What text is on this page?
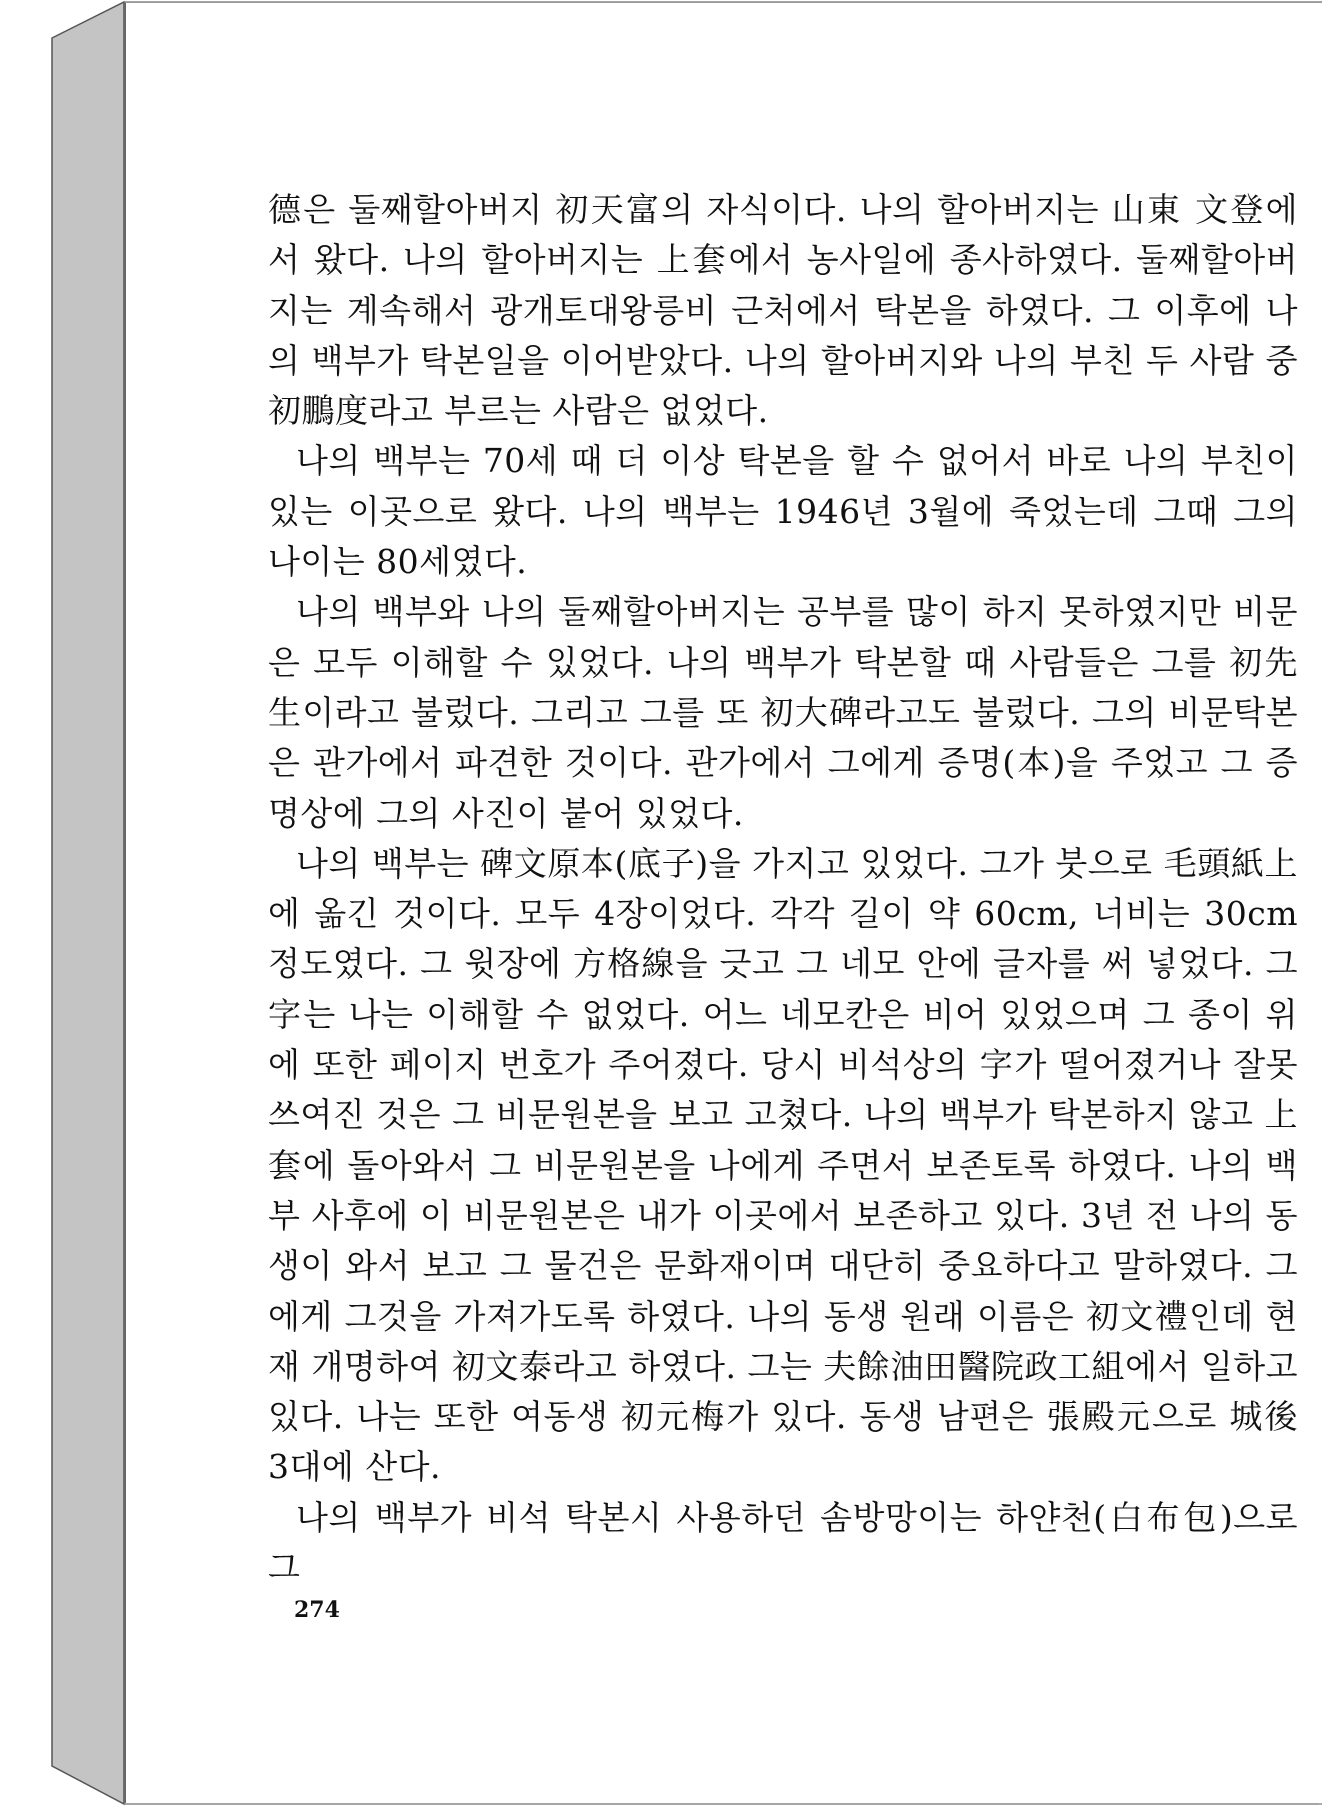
德은 둘째할아버지 初天富의 자식이다. 나의 할아버지는 山東 文登에서 왔다. 나의 할아버지는 上套에서 농사일에 종사하였다. 둘째할아버지는 계속해서 광개토대왕릉비 근처에서 탁본을 하였다. 그 이후에 나의 백부가 탁본일을 이어받았다. 나의 할아버지와 나의 부친 두 사람 중 初鵬度라고 부르는 사람은 없었다.

나의 백부는 70세 때 더 이상 탁본을 할 수 없어서 바로 나의 부친이 있는 이곳으로 왔다. 나의 백부는 1946년 3월에 죽었는데 그때 그의 나이는 80세였다.

나의 백부와 나의 둘째할아버지는 공부를 많이 하지 못하였지만 비문은 모두 이해할 수 있었다. 나의 백부가 탁본할 때 사람들은 그를 初先生이라고 불렀다. 그리고 그를 또 初大碑라고도 불렀다. 그의 비문탁본은 관가에서 파견한 것이다. 관가에서 그에게 증명(本)을 주었고 그 증명상에 그의 사진이 붙어 있었다.

나의 백부는 碑文原本(底子)을 가지고 있었다. 그가 붓으로 毛頭紙上에 옮긴 것이다. 모두 4장이었다. 각각 길이 약 60cm, 너비는 30cm 정도였다. 그 윗장에 方格線을 긋고 그 네모 안에 글자를 써 넣었다. 그 字는 나는 이해할 수 없었다. 어느 네모칸은 비어 있었으며 그 종이 위에 또한 페이지 번호가 주어졌다. 당시 비석상의 字가 떨어졌거나 잘못 쓰여진 것은 그 비문원본을 보고 고쳤다. 나의 백부가 탁본하지 않고 上套에 돌아와서 그 비문원본을 나에게 주면서 보존토록 하였다. 나의 백부 사후에 이 비문원본은 내가 이곳에서 보존하고 있다. 3년 전 나의 동생이 와서 보고 그 물건은 문화재이며 대단히 중요하다고 말하였다. 그에게 그것을 가져가도록 하였다. 나의 동생 원래 이름은 初文禮인데 현재 개명하여 初文泰라고 하였다. 그는 夫餘油田醫院政工組에서 일하고 있다. 나는 또한 여동생 初元梅가 있다. 동생 남편은 張殿元으로 城後 3대에 산다.

나의 백부가 비석 탁본시 사용하던 솜방망이는 하얀천(白布包)으로 그

274
